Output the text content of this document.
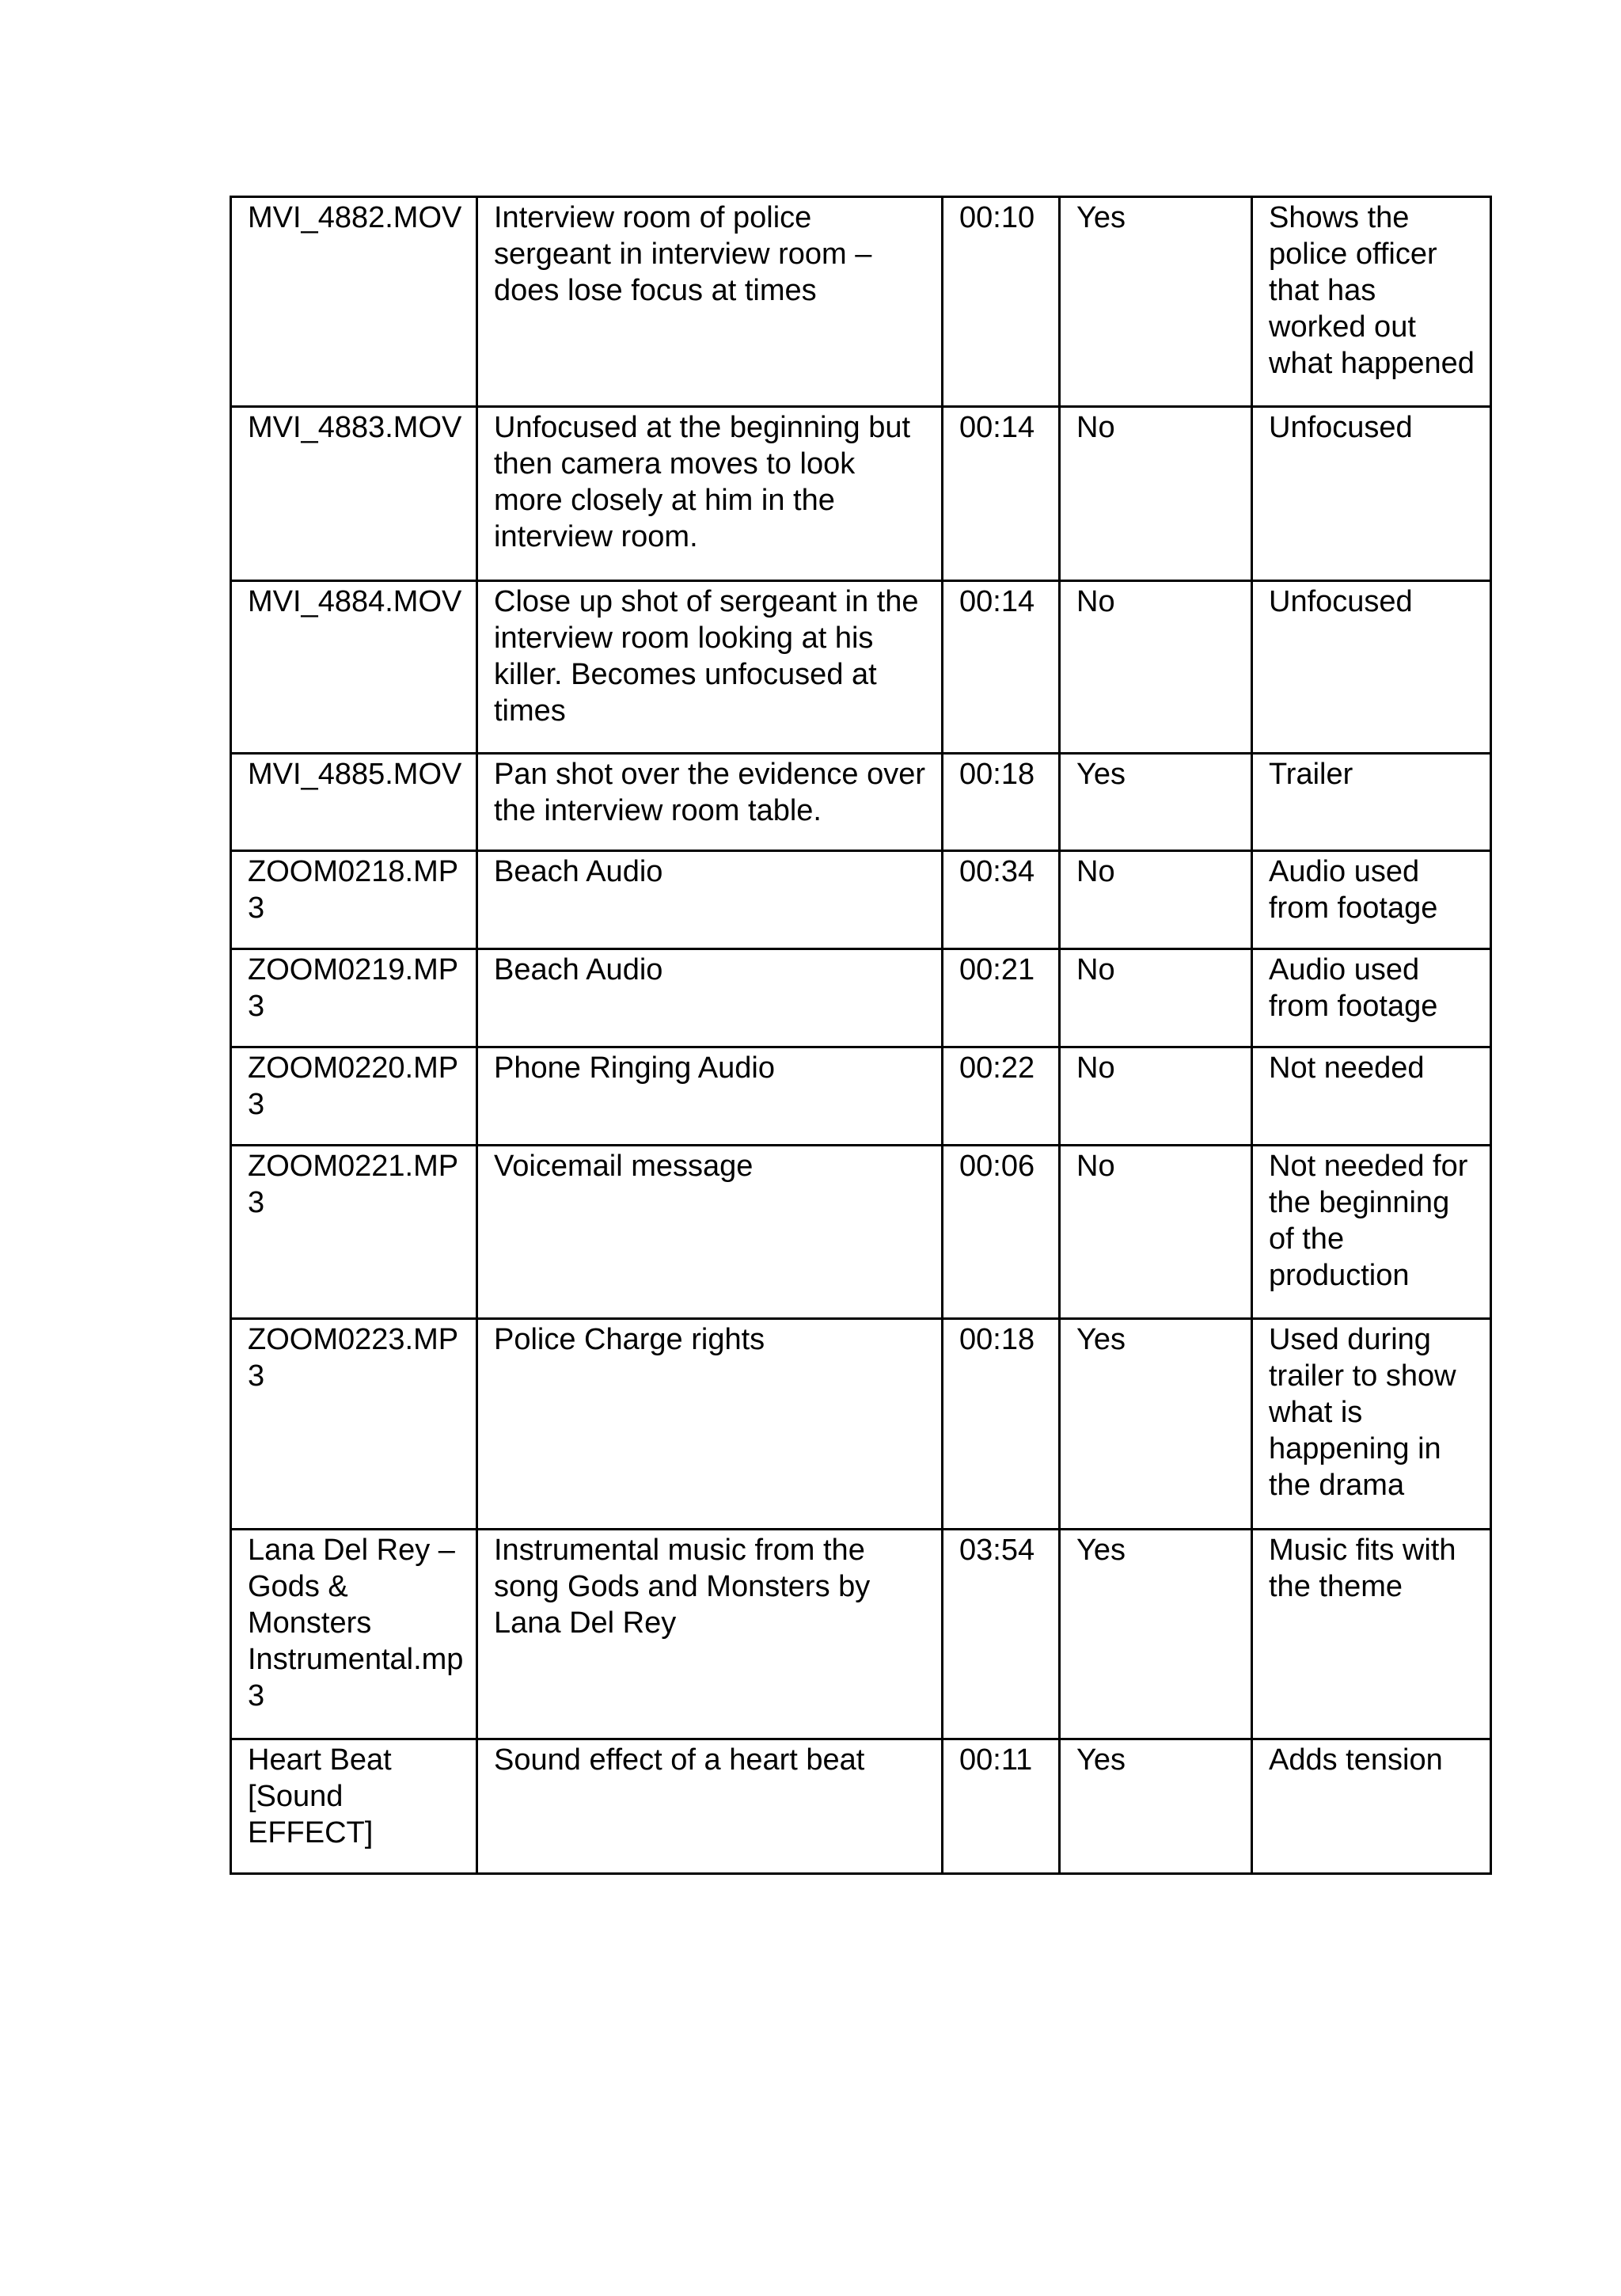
MVI_4882.MOV	Interview room of police
sergeant in interview room –
does lose focus at times	00:10	Yes	Shows the
police officer
that has
worked out
what happened

MVI_4883.MOV	Unfocused at the beginning but
then camera moves to look
more closely at him in the
interview room.	00:14	No	Unfocused

MVI_4884.MOV	Close up shot of sergeant in the
interview room looking at his
killer. Becomes unfocused at
times	00:14	No	Unfocused

MVI_4885.MOV	Pan shot over the evidence over
the interview room table.	00:18	Yes	Trailer

ZOOM0218.MP
3	Beach Audio	00:34	No	Audio used
from footage

ZOOM0219.MP
3	Beach Audio	00:21	No	Audio used
from footage

ZOOM0220.MP
3	Phone Ringing Audio	00:22	No	Not needed

ZOOM0221.MP
3	Voicemail message	00:06	No	Not needed for
the beginning
of the
production

ZOOM0223.MP
3	Police Charge rights	00:18	Yes	Used during
trailer to show
what is
happening in
the drama

Lana Del Rey –
Gods &
Monsters
Instrumental.mp
3	Instrumental music from the
song Gods and Monsters by
Lana Del Rey	03:54	Yes	Music fits with
the theme

Heart Beat
[Sound
EFFECT]	Sound effect of a heart beat	00:11	Yes	Adds tension
